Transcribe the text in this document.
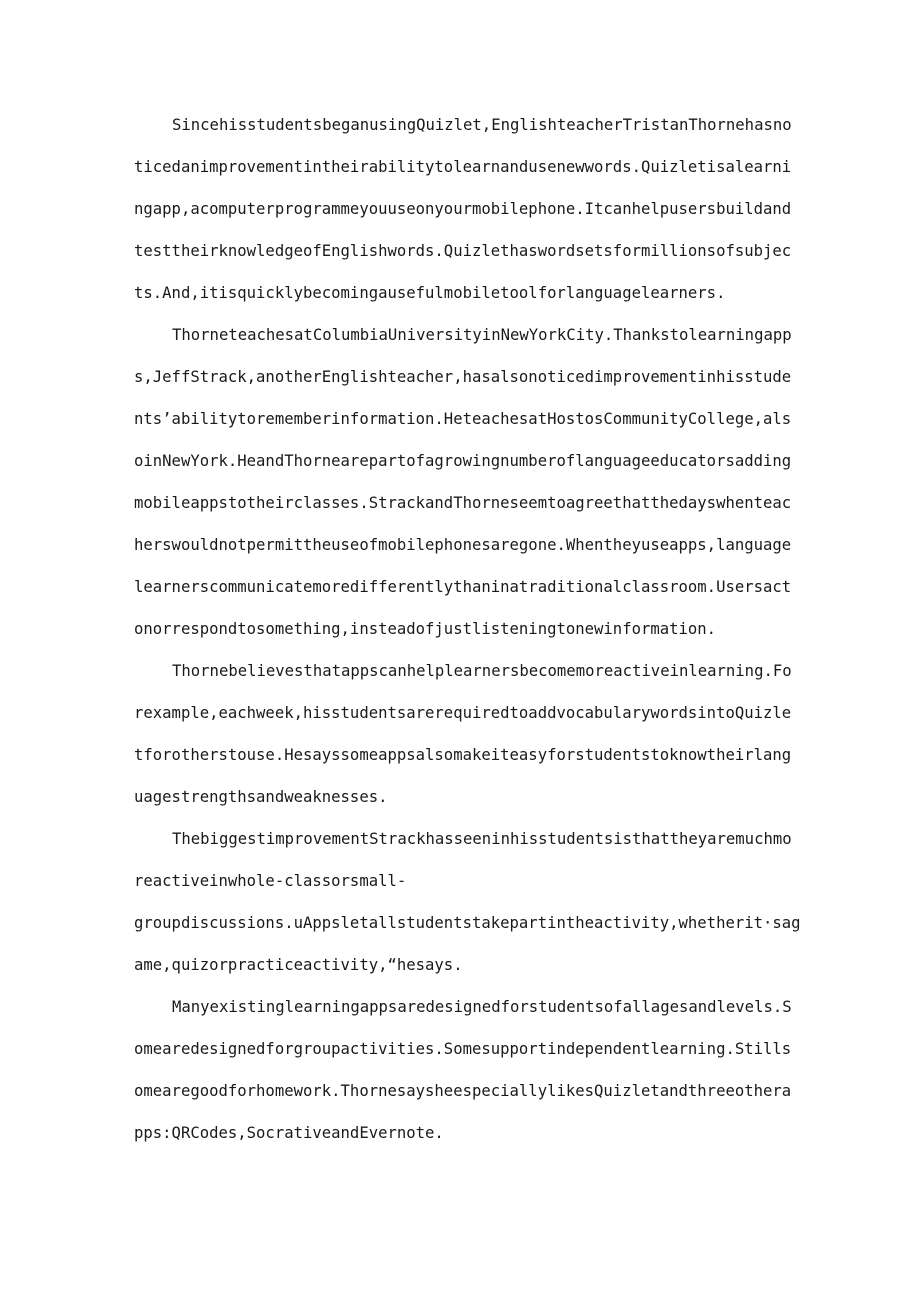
SincehisstudentsbeganusingQuizlet,EnglishteacherTristanThornehasno
ticedanimprovementintheirabilitytolearnandusenewwords.Quizletisalearni
ngapp,acomputerprogrammeyouuseonyourmobilephone.Itcanhelpusersbuildand
testtheirknowledgeofEnglishwords.Quizlethaswordsetsformillionsofsubjec
ts.And,itisquicklybecomingausefulmobiletoolforlanguagelearners.
ThorneteachesatColumbiaUniversityinNewYorkCity.Thankstolearningapp
s,JeffStrack,anotherEnglishteacher,hasalsonoticedimprovementinhisstude
nts’abilitytorememberinformation.HeteachesatHostosCommunityCollege,als
oinNewYork.HeandThornearepartofagrowingnumberoflanguageeducatorsadding
mobileappstotheirclasses.StrackandThorneseemtoagreethatthedayswhenteac
herswouldnotpermittheuseofmobilephonesaregone.Whentheyuseapps,language
learnerscommunicatemoredifferentlythaninatraditionalclassroom.Usersact
onorrespondtosomething,insteadofjustlisteningtonewinformation.
Thornebelievesthatappscanhelplearnersbecomemoreactiveinlearning.Fo
rexample,eachweek,hisstudentsarerequiredtoaddvocabularywordsintoQuizle
tforotherstouse.Hesayssomeappsalsomakeiteasyforstudentstoknowtheirlang
uagestrengthsandweaknesses.
ThebiggestimprovementStrackhasseeninhisstudentsisthattheyaremuchmo
reactiveinwhole-classorsmall-
groupdiscussions.uAppsletallstudentstakepartintheactivity,whetherit·sag
ame,quizorpracticeactivity,“hesays.
Manyexistinglearningappsaredesignedforstudentsofallagesandlevels.S
omearedesignedforgroupactivities.Somesupportindependentlearning.Stills
omearegoodforhomework.ThornesaysheespeciallylikesQuizletandthreeothera
pps:QRCodes,SocrativeandEvernote.
